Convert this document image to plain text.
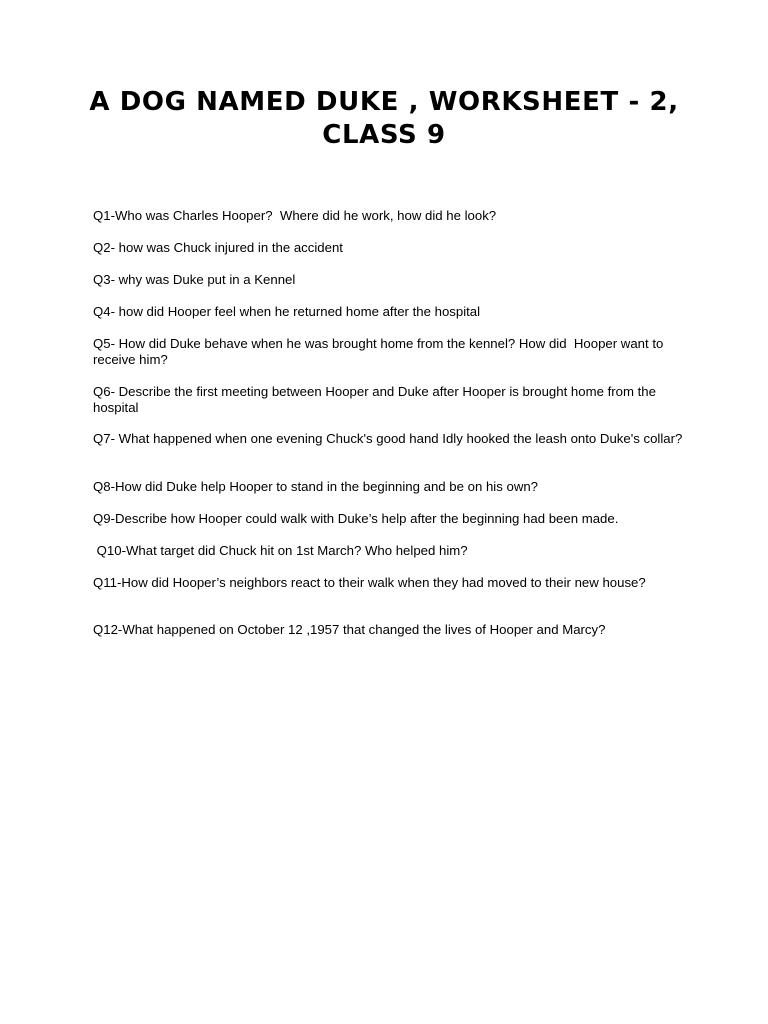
A DOG NAMED DUKE , WORKSHEET - 2, CLASS 9
Q1-Who was Charles Hooper?  Where did he work, how did he look?
Q2- how was Chuck injured in the accident
Q3- why was Duke put in a Kennel
Q4- how did Hooper feel when he returned home after the hospital
Q5- How did Duke behave when he was brought home from the kennel? How did  Hooper want to receive him?
Q6- Describe the first meeting between Hooper and Duke after Hooper is brought home from the hospital
Q7- What happened when one evening Chuck's good hand Idly hooked the leash onto Duke's collar?
Q8-How did Duke help Hooper to stand in the beginning and be on his own?
Q9-Describe how Hooper could walk with Duke’s help after the beginning had been made.
Q10-What target did Chuck hit on 1st March? Who helped him?
Q11-How did Hooper’s neighbors react to their walk when they had moved to their new house?
Q12-What happened on October 12 ,1957 that changed the lives of Hooper and Marcy?
